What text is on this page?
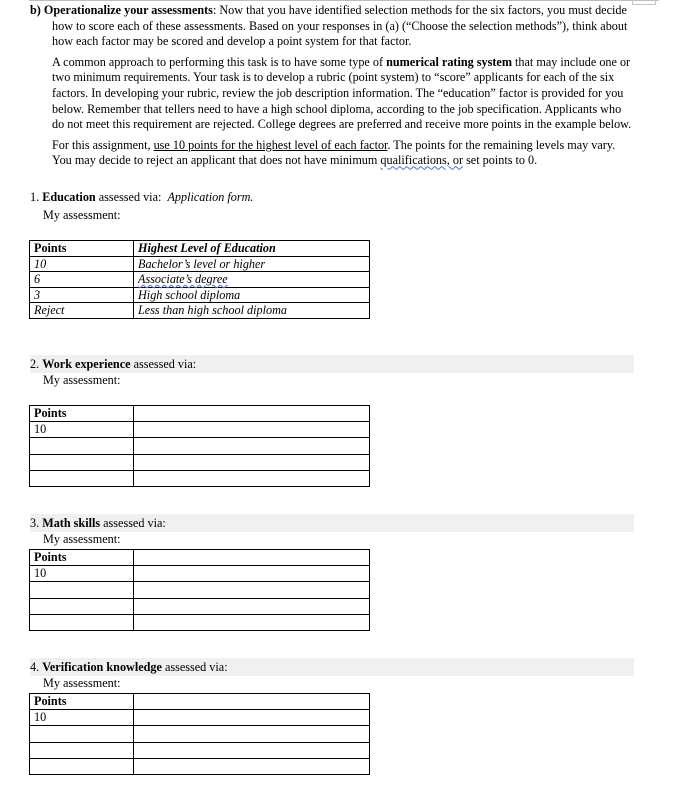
b) Operationalize your assessments: Now that you have identified selection methods for the six factors, you must decide how to score each of these assessments. Based on your responses in (a) (“Choose the selection methods”), think about how each factor may be scored and develop a point system for that factor.

A common approach to performing this task is to have some type of numerical rating system that may include one or two minimum requirements. Your task is to develop a rubric (point system) to “score” applicants for each of the six factors. In developing your rubric, review the job description information. The “education” factor is provided for you below. Remember that tellers need to have a high school diploma, according to the job specification. Applicants who do not meet this requirement are rejected. College degrees are preferred and receive more points in the example below.

For this assignment, use 10 points for the highest level of each factor. The points for the remaining levels may vary. You may decide to reject an applicant that does not have minimum qualifications, or set points to 0.

1. Education assessed via: Application form.
My assessment:
Points	Highest Level of Education
10	Bachelor’s level or higher
6	Associate’s degree
3	High school diploma
Reject	Less than high school diploma
2. Work experience assessed via:
My assessment:
Points	
10	

3. Math skills assessed via:
My assessment:
Points	
10	

4. Verification knowledge assessed via:
My assessment:
Points	
10	
